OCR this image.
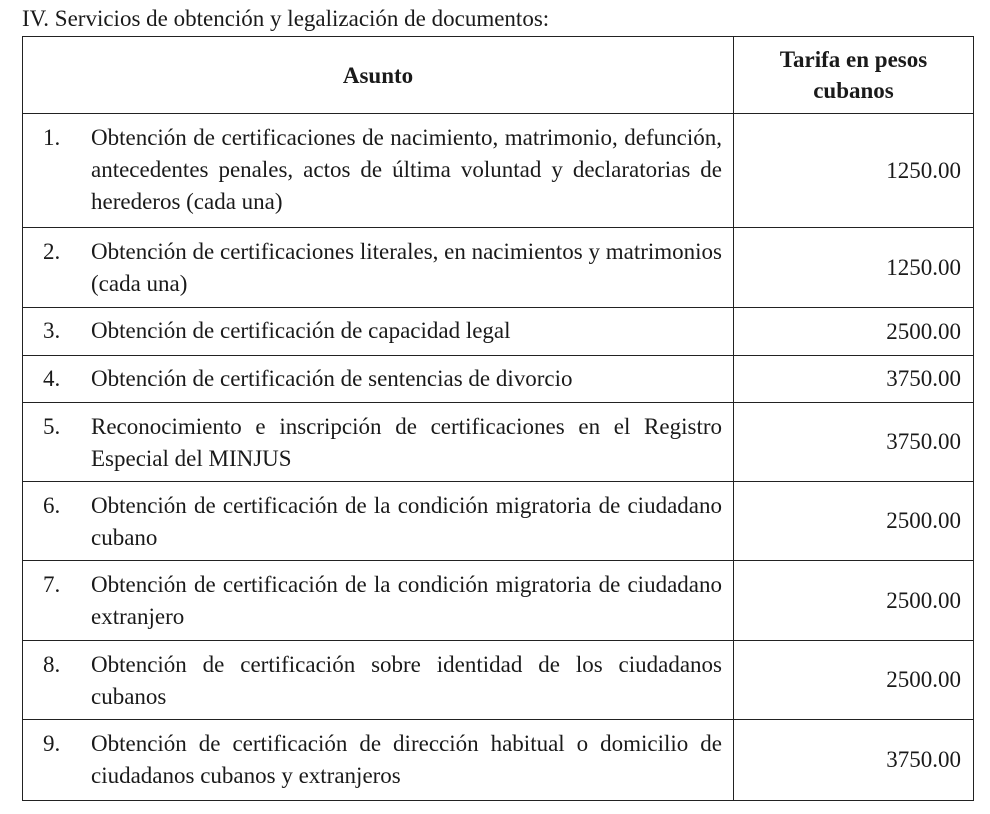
IV. Servicios de obtención y legalización de documentos:
Asunto	Tarifa en pesos cubanos

1. Obtención de certificaciones de nacimiento, matrimonio, defunción, antecedentes penales, actos de última voluntad y declaratorias de herederos (cada una)	1250.00

2. Obtención de certificaciones literales, en nacimientos y matrimonios (cada una)	1250.00

3. Obtención de certificación de capacidad legal	2500.00

4. Obtención de certificación de sentencias de divorcio	3750.00

5. Reconocimiento e inscripción de certificaciones en el Registro Especial del MINJUS	3750.00

6. Obtención de certificación de la condición migratoria de ciudadano cubano	2500.00

7. Obtención de certificación de la condición migratoria de ciudadano extranjero	2500.00

8. Obtención de certificación sobre identidad de los ciudadanos cubanos	2500.00

9. Obtención de certificación de dirección habitual o domicilio de ciudadanos cubanos y extranjeros	3750.00
